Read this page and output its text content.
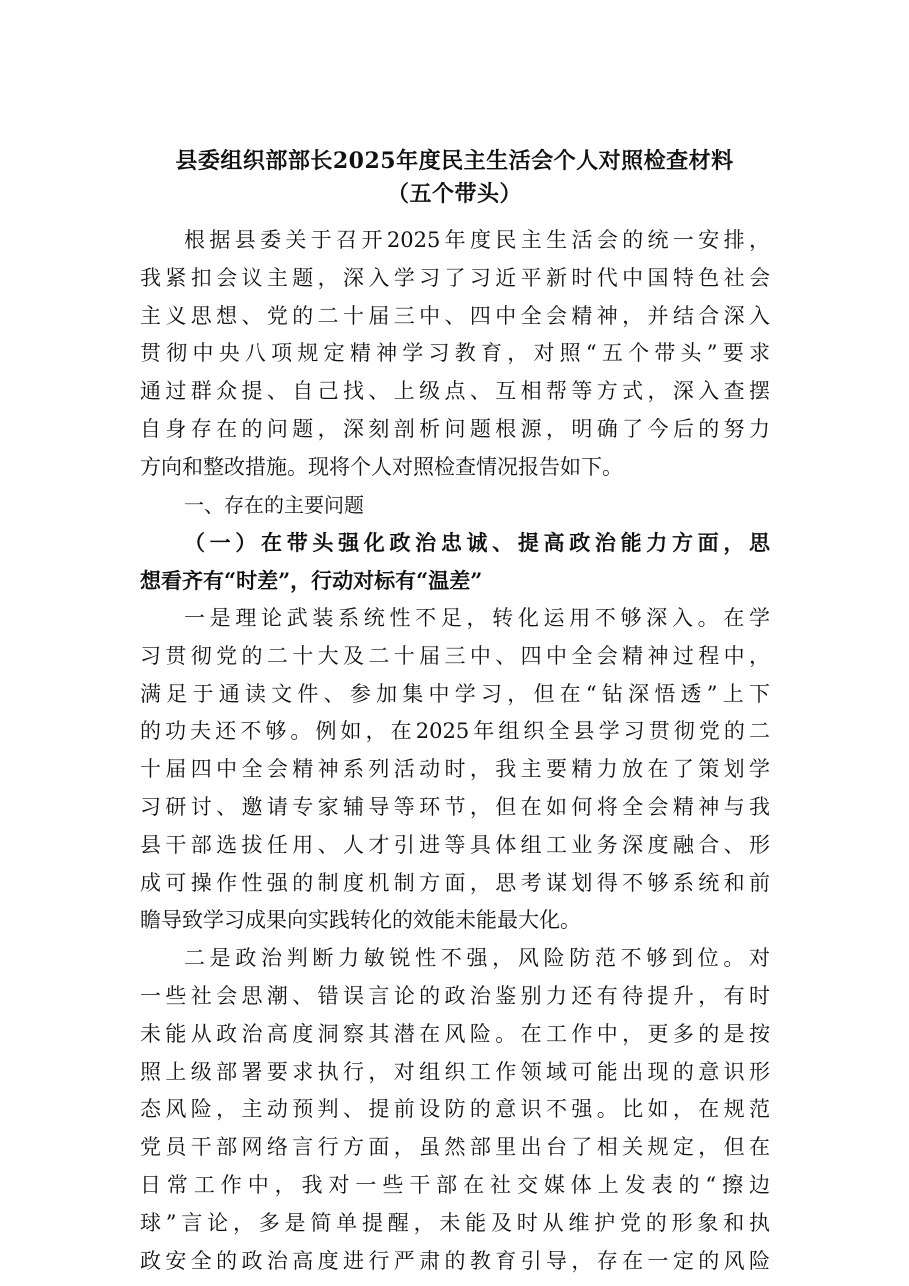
县委组织部部长2025年度民主生活会个人对照检查材料
（五个带头）
根据县委关于召开2025年度民主生活会的统一安排，
我紧扣会议主题，深入学习了习近平新时代中国特色社会
主义思想、党的二十届三中、四中全会精神，并结合深入
贯彻中央八项规定精神学习教育，对照“五个带头”要求
通过群众提、自己找、上级点、互相帮等方式，深入查摆
自身存在的问题，深刻剖析问题根源，明确了今后的努力
方向和整改措施。现将个人对照检查情况报告如下。
一、存在的主要问题
（一）在带头强化政治忠诚、提高政治能力方面，思
想看齐有“时差”，行动对标有“温差”
一是理论武装系统性不足，转化运用不够深入。在学
习贯彻党的二十大及二十届三中、四中全会精神过程中，
满足于通读文件、参加集中学习，但在“钻深悟透”上下
的功夫还不够。例如，在2025年组织全县学习贯彻党的二
十届四中全会精神系列活动时，我主要精力放在了策划学
习研讨、邀请专家辅导等环节，但在如何将全会精神与我
县干部选拔任用、人才引进等具体组工业务深度融合、形
成可操作性强的制度机制方面，思考谋划得不够系统和前
瞻导致学习成果向实践转化的效能未能最大化。
二是政治判断力敏锐性不强，风险防范不够到位。对
一些社会思潮、错误言论的政治鉴别力还有待提升，有时
未能从政治高度洞察其潜在风险。在工作中，更多的是按
照上级部署要求执行，对组织工作领域可能出现的意识形
态风险，主动预判、提前设防的意识不强。比如，在规范
党员干部网络言行方面，虽然部里出台了相关规定，但在
日常工作中，我对一些干部在社交媒体上发表的“擦边
球”言论，多是简单提醒，未能及时从维护党的形象和执
政安全的政治高度进行严肃的教育引导，存在一定的风险
